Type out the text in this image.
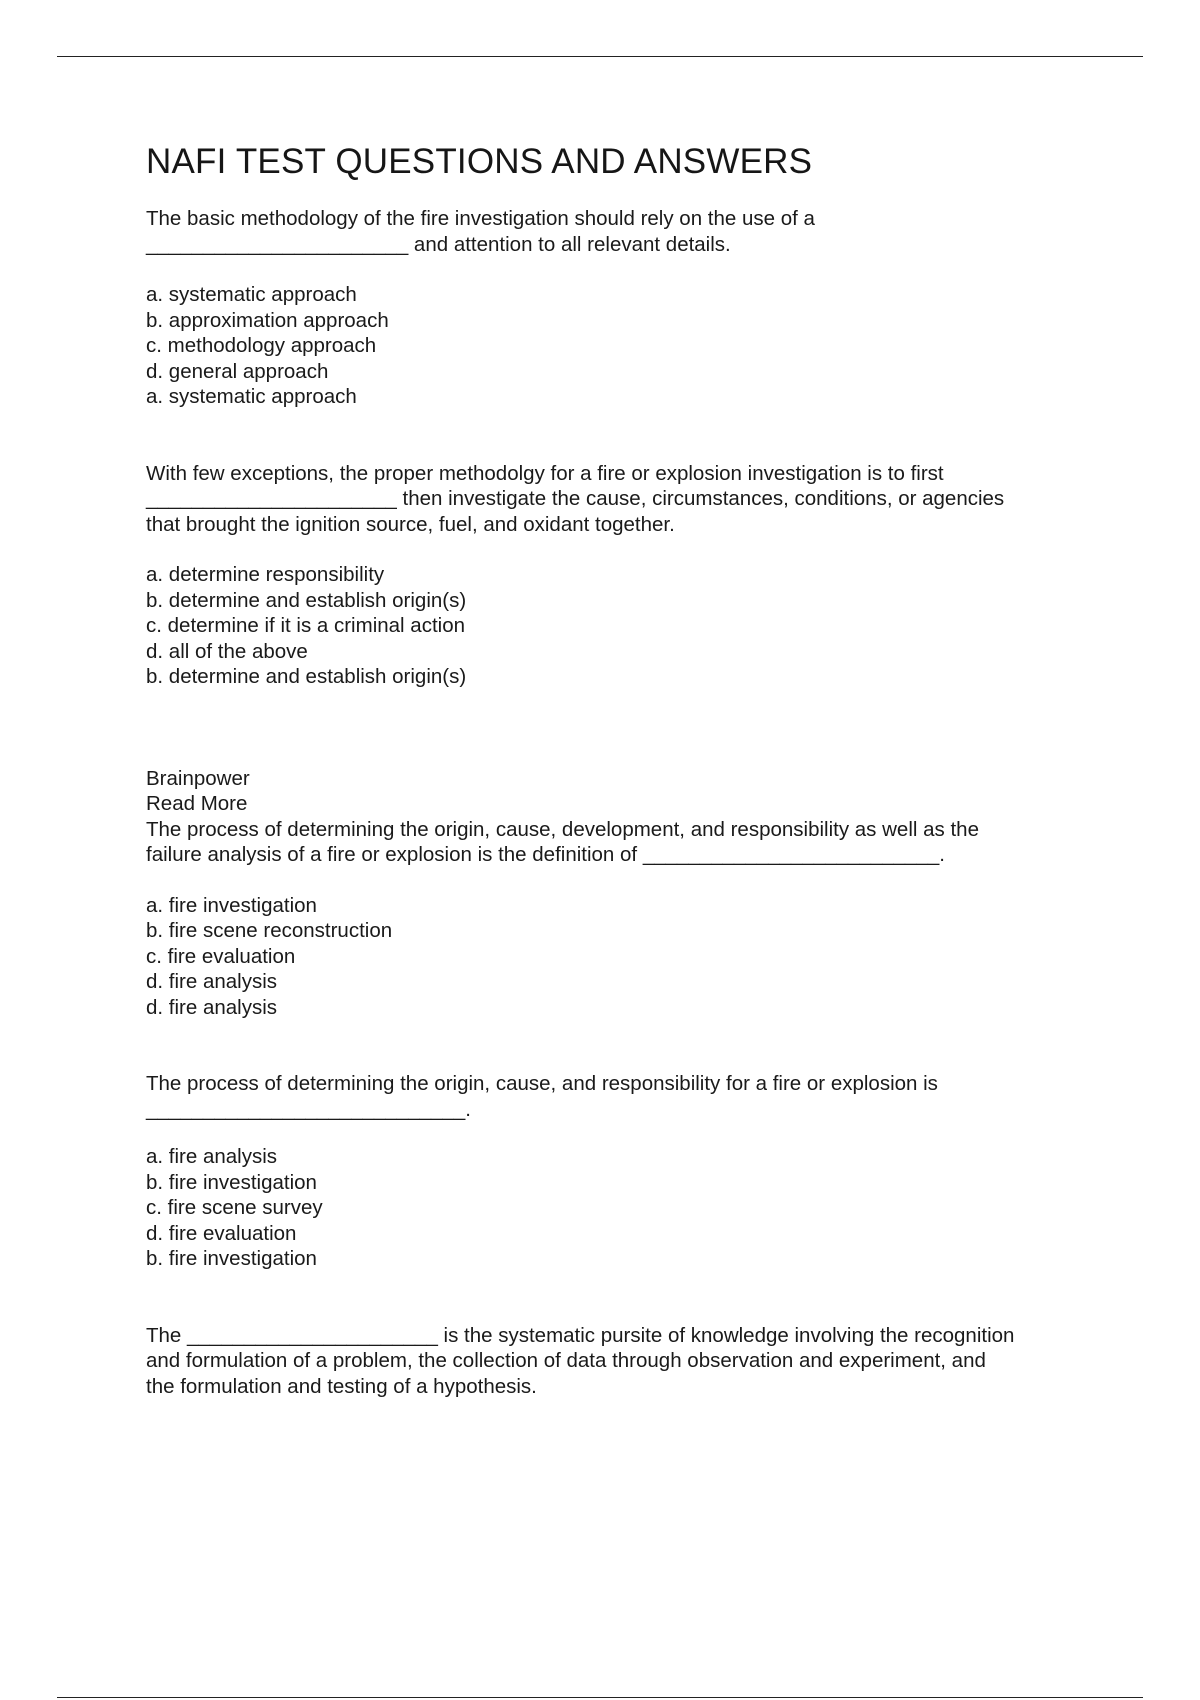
NAFI TEST QUESTIONS AND ANSWERS

The basic methodology of the fire investigation should rely on the use of a
_______________________ and attention to all relevant details.

a. systematic approach
b. approximation approach
c. methodology approach
d. general approach

a. systematic approach

With few exceptions, the proper methodolgy for a fire or explosion investigation is to first
______________________ then investigate the cause, circumstances, conditions, or agencies
that brought the ignition source, fuel, and oxidant together.

a. determine responsibility
b. determine and establish origin(s)
c. determine if it is a criminal action
d. all of the above

b. determine and establish origin(s)

Brainpower
Read More

The process of determining the origin, cause, development, and responsibility as well as the
failure analysis of a fire or explosion is the definition of __________________________.

a. fire investigation
b. fire scene reconstruction
c. fire evaluation
d. fire analysis

d. fire analysis

The process of determining the origin, cause, and responsibility for a fire or explosion is
____________________________.

a. fire analysis
b. fire investigation
c. fire scene survey
d. fire evaluation

b. fire investigation

The ______________________ is the systematic pursite of knowledge involving the recognition
and formulation of a problem, the collection of data through observation and experiment, and
the formulation and testing of a hypothesis.
